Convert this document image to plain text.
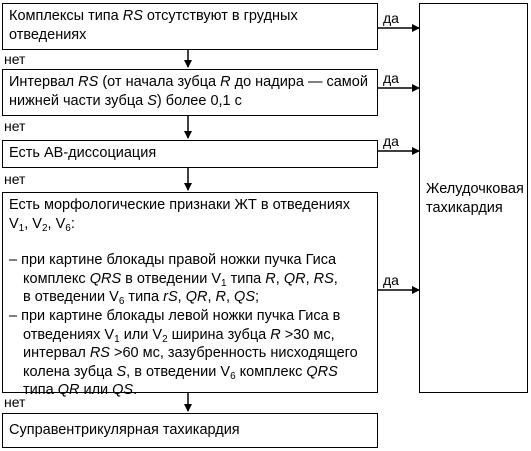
Комплексы типа RS отсутствуют в грудных отведениях
Интервал RS (от начала зубца R до надира — самой нижней части зубца S) более 0,1 с
Есть АВ-диссоциация
Есть морфологические признаки ЖТ в отведениях $V_1$, $V_2$, $V_6$:
– при картине блокады правой ножки пучка Гиса комплекс QRS в отведении $V_1$ типа R, QR, RS,
в отведении $V_6$ типа rS, QR, R, QS;
– при картине блокады левой ножки пучка Гиса в отведениях $V_1$ или $V_2$ ширина зубца R >30 мс, интервал RS >60 мс, зазубренность нисходящего колена зубца S, в отведении $V_6$ комплекс QRS типа QR или QS.
Суправентрикулярная тахикардия
Желудочковая тахикардия
да
да
да
да
нет
нет
нет
нет
